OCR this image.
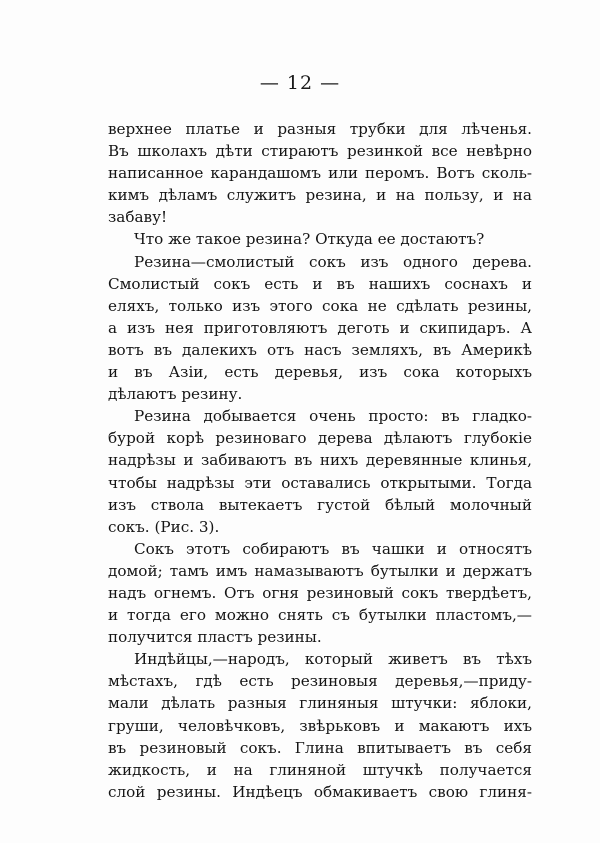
— 12 —
верхнее платье и разныя трубки для лѣченья.
Въ школахъ дѣти стираютъ резинкой все невѣрно
написанное карандашомъ или перомъ. Вотъ сколь-
кимъ дѣламъ служитъ резина, и на пользу, и на
забаву!
Что же такое резина? Откуда ее достаютъ?
Резина—смолистый сокъ изъ одного дерева.
Смолистый сокъ есть и въ нашихъ соснахъ и
еляхъ, только изъ этого сока не сдѣлать резины,
а изъ нея приготовляютъ деготь и скипидаръ. А
вотъ въ далекихъ отъ насъ земляхъ, въ Америкѣ
и въ Азіи, есть деревья, изъ сока которыхъ
дѣлаютъ резину.
Резина добывается очень просто: въ гладко-
бурой корѣ резиноваго дерева дѣлаютъ глубокіе
надрѣзы и забиваютъ въ нихъ деревянные клинья,
чтобы надрѣзы эти оставались открытыми. Тогда
изъ ствола вытекаетъ густой бѣлый молочный
сокъ. (Рис. 3).
Сокъ этотъ собираютъ въ чашки и относятъ
домой; тамъ имъ намазываютъ бутылки и держатъ
надъ огнемъ. Отъ огня резиновый сокъ твердѣетъ,
и тогда его можно снять съ бутылки пластомъ,—
получится пластъ резины.
Индѣйцы,—народъ, который живетъ въ тѣхъ
мѣстахъ, гдѣ есть резиновыя деревья,—приду-
мали дѣлать разныя глиняныя штучки: яблоки,
груши, человѣчковъ, звѣрьковъ и макаютъ ихъ
въ резиновый сокъ. Глина впитываетъ въ себя
жидкость, и на глиняной штучкѣ получается
слой резины. Индѣецъ обмакиваетъ свою глиня-
